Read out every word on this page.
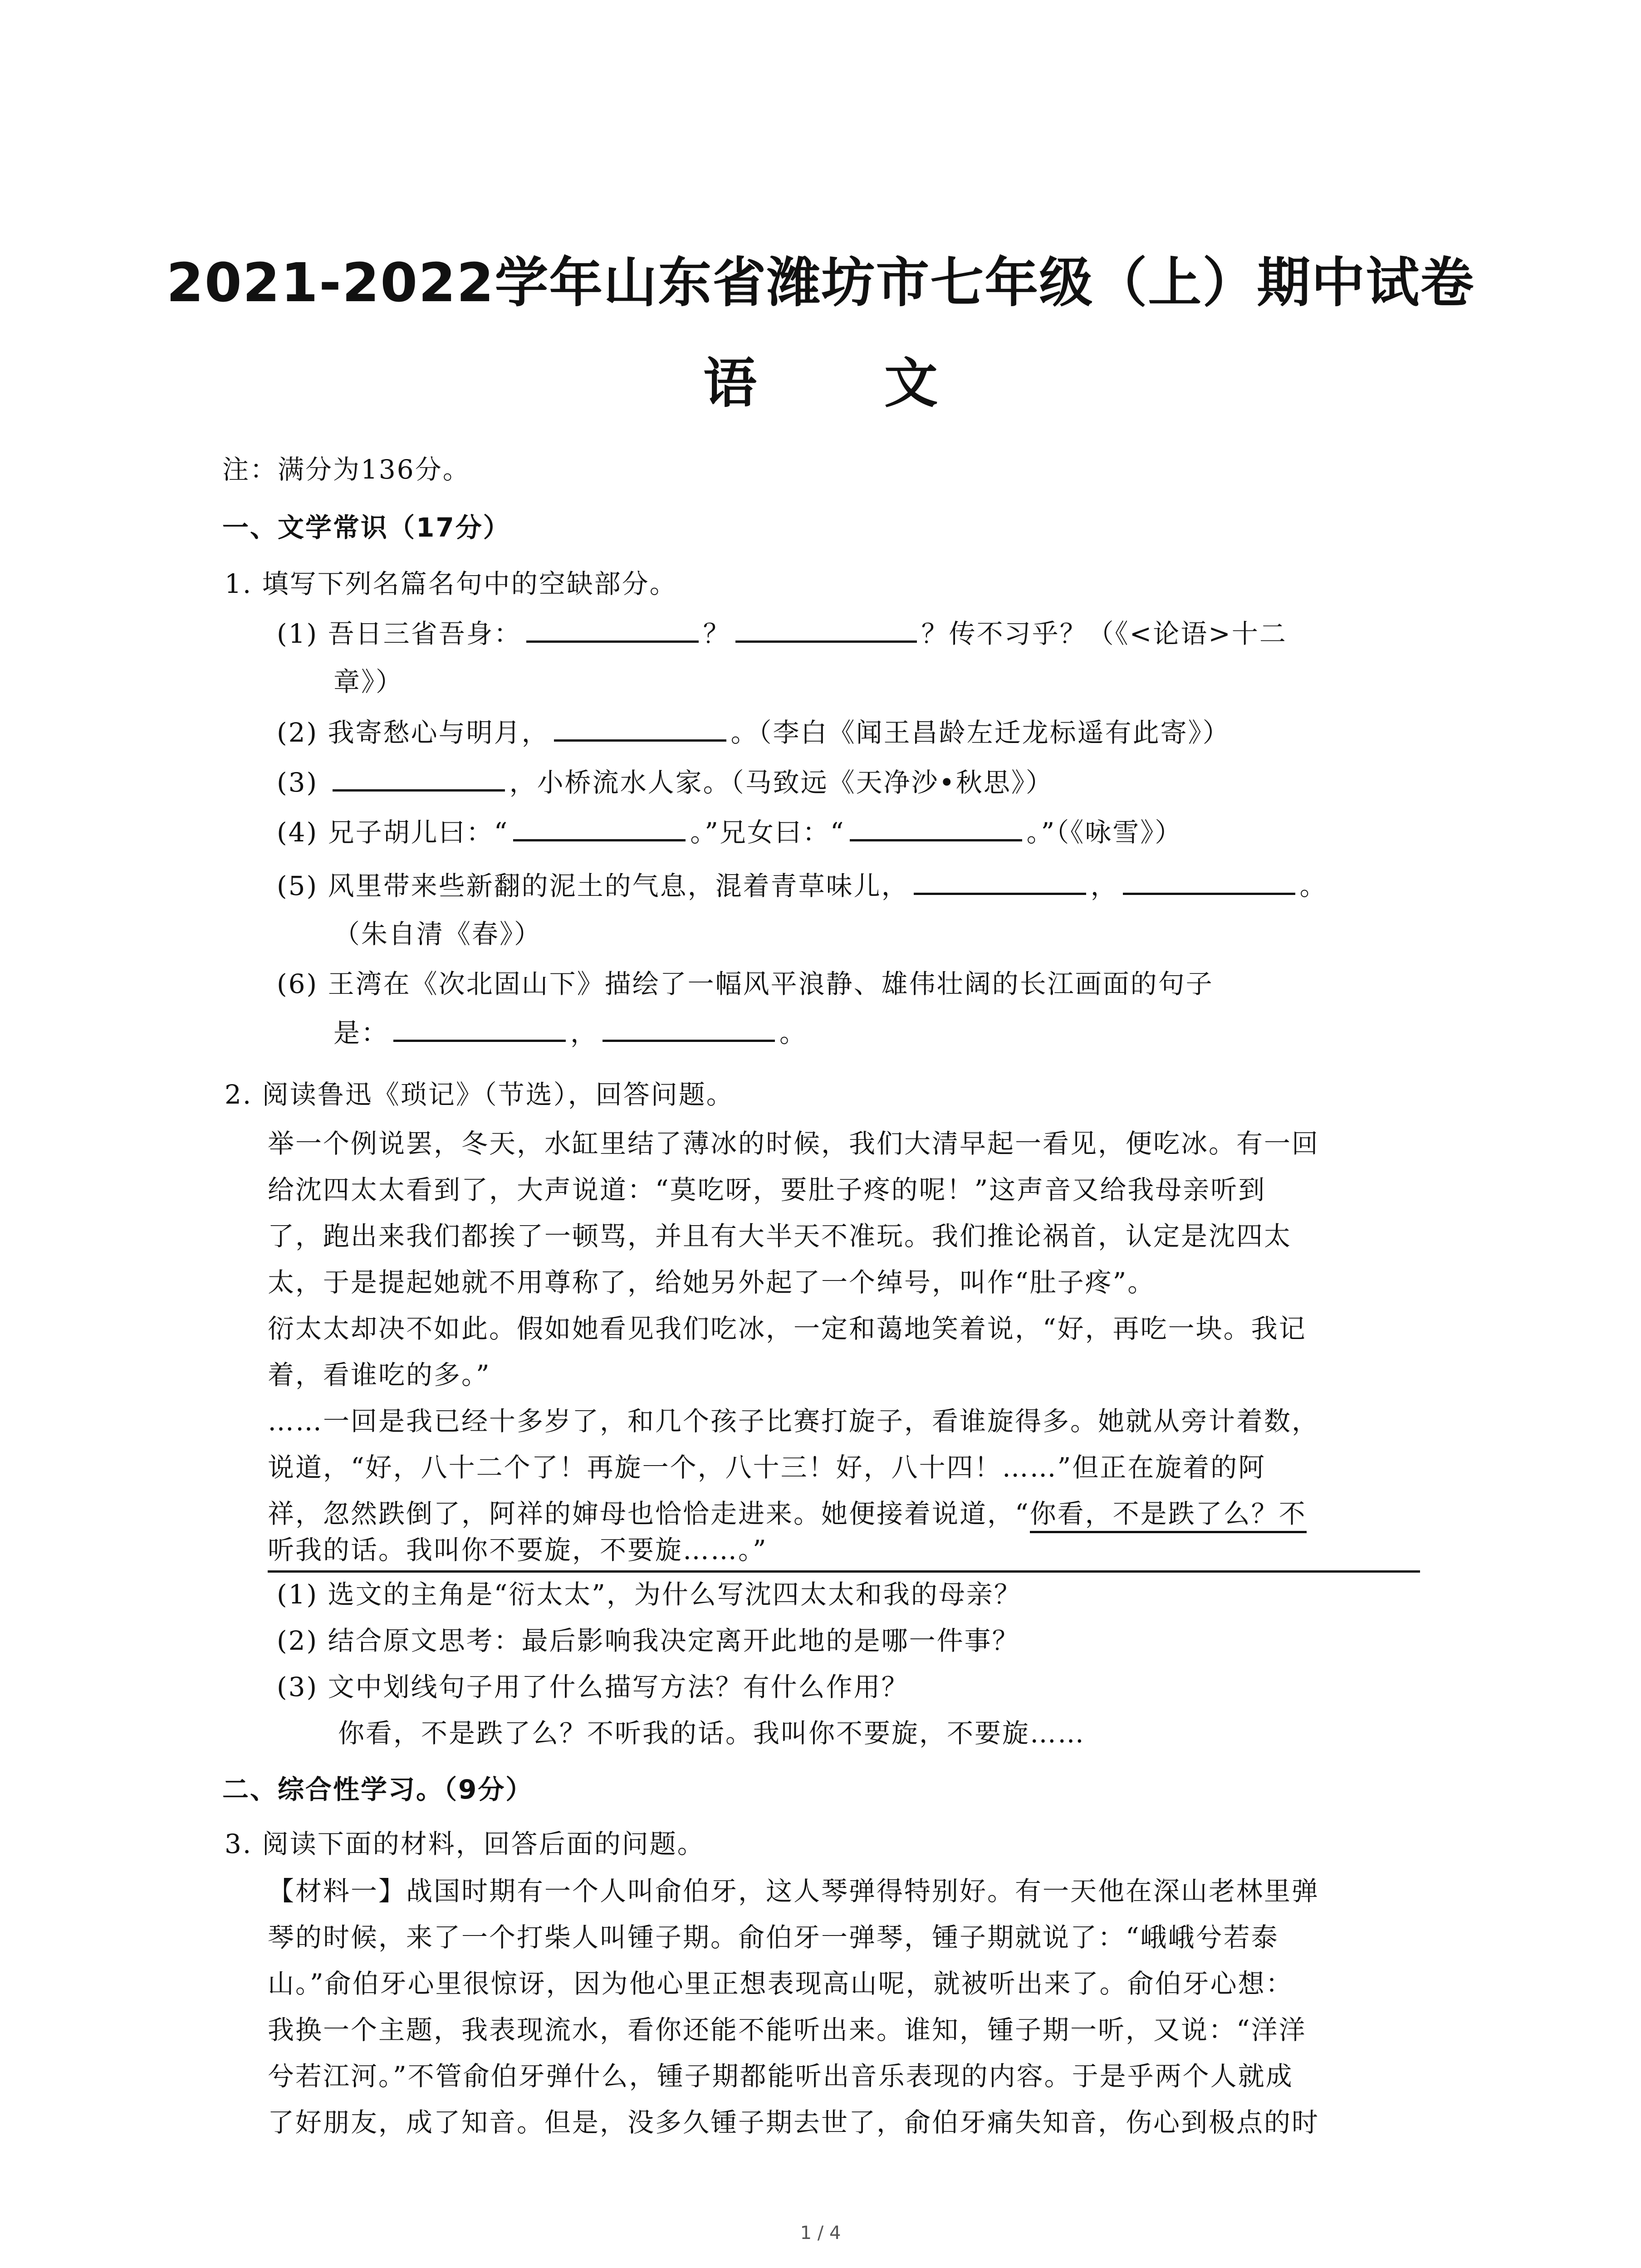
2021-2022学年山东省潍坊市七年级（上）期中试卷
语 文
注：满分为136分。
一、文学常识（17分）
1. 填写下列名篇名句中的空缺部分。
(1) 吾日三省吾身：	？	？传不习乎？（《<论语>十二
章》）
(2) 我寄愁心与明月，	。（李白《闻王昌龄左迁龙标遥有此寄》）
(3)	，小桥流水人家。（马致远《天净沙•秋思》）
(4) 兄子胡儿曰：“	。”兄女曰：“	。”（《咏雪》）
(5) 风里带来些新翻的泥土的气息，混着青草味儿，	，	。
（朱自清《春》）
(6) 王湾在《次北固山下》描绘了一幅风平浪静、雄伟壮阔的长江画面的句子
是：	，	。
2. 阅读鲁迅《琐记》（节选），回答问题。
举一个例说罢，冬天，水缸里结了薄冰的时候，我们大清早起一看见，便吃冰。有一回
给沈四太太看到了，大声说道：“莫吃呀，要肚子疼的呢！”这声音又给我母亲听到
了，跑出来我们都挨了一顿骂，并且有大半天不准玩。我们推论祸首，认定是沈四太
太，于是提起她就不用尊称了，给她另外起了一个绰号，叫作“肚子疼”。
衍太太却决不如此。假如她看见我们吃冰，一定和蔼地笑着说，“好，再吃一块。我记
着，看谁吃的多。”
……一回是我已经十多岁了，和几个孩子比赛打旋子，看谁旋得多。她就从旁计着数，
说道，“好，八十二个了！再旋一个，八十三！好，八十四！……”但正在旋着的阿
祥，忽然跌倒了，阿祥的婶母也恰恰走进来。她便接着说道，“你看，不是跌了么？不
听我的话。我叫你不要旋，不要旋……。”
(1) 选文的主角是“衍太太”，为什么写沈四太太和我的母亲？
(2) 结合原文思考：最后影响我决定离开此地的是哪一件事？
(3) 文中划线句子用了什么描写方法？有什么作用？
你看，不是跌了么？不听我的话。我叫你不要旋，不要旋……
二、综合性学习。（9分）
3. 阅读下面的材料，回答后面的问题。
【材料一】战国时期有一个人叫俞伯牙，这人琴弹得特别好。有一天他在深山老林里弹
琴的时候，来了一个打柴人叫锺子期。俞伯牙一弹琴，锺子期就说了：“峨峨兮若泰
山。”俞伯牙心里很惊讶，因为他心里正想表现高山呢，就被听出来了。俞伯牙心想：
我换一个主题，我表现流水，看你还能不能听出来。谁知，锺子期一听，又说：“洋洋
兮若江河。”不管俞伯牙弹什么，锺子期都能听出音乐表现的内容。于是乎两个人就成
了好朋友，成了知音。但是，没多久锺子期去世了，俞伯牙痛失知音，伤心到极点的时
1 / 4
